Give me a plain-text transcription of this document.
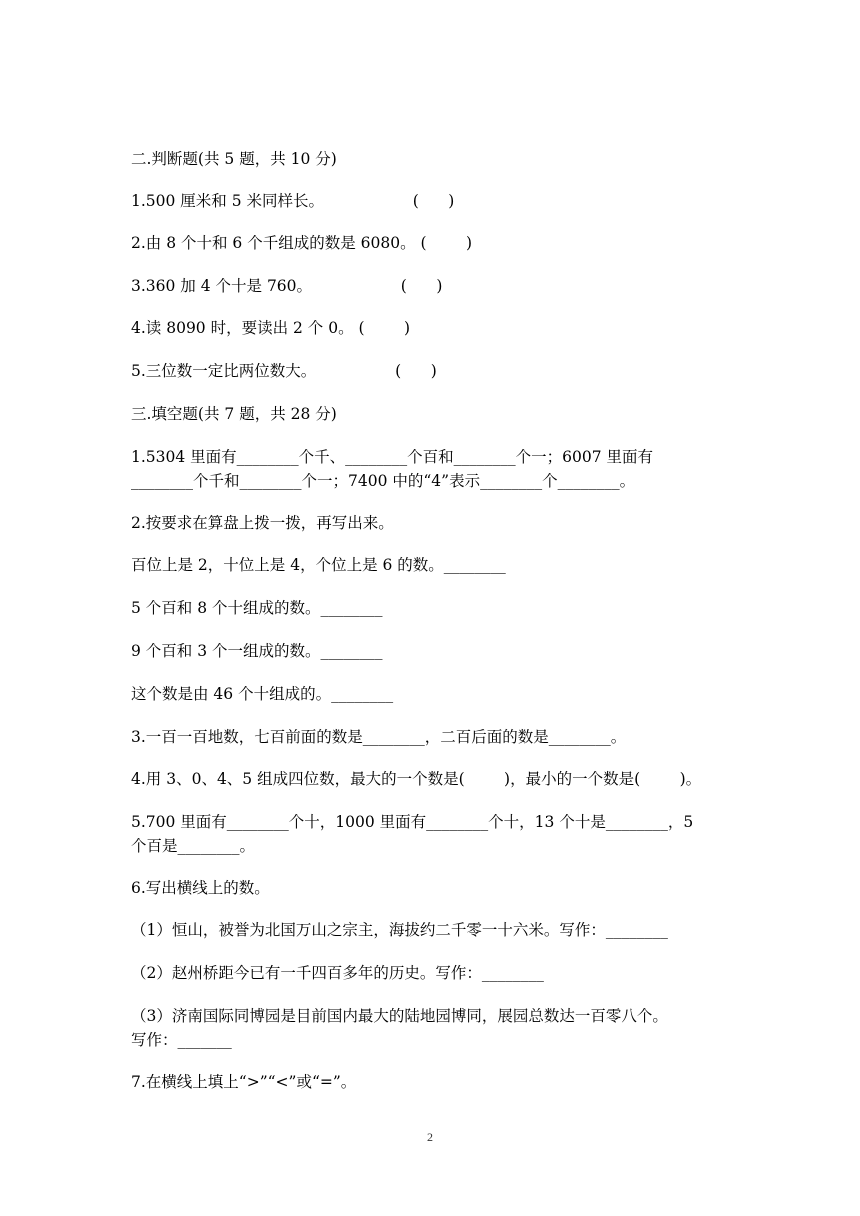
二.判断题(共 5 题，共 10 分)
1.500 厘米和 5 米同样长。                  (      )
2.由 8 个十和 6 个千组成的数是 6080。 (        )
3.360 加 4 个十是 760。                  (      )
4.读 8090 时，要读出 2 个 0。 (        )
5.三位数一定比两位数大。                (      )
三.填空题(共 7 题，共 28 分)
1.5304 里面有________个千、________个百和________个一；6007 里面有
________个千和________个一；7400 中的“4”表示________个________。
2.按要求在算盘上拨一拨，再写出来。
百位上是 2，十位上是 4，个位上是 6 的数。________
5 个百和 8 个十组成的数。________
9 个百和 3 个一组成的数。________
这个数是由 46 个十组成的。________
3.一百一百地数，七百前面的数是________，二百后面的数是________。
4.用 3、0、4、5 组成四位数，最大的一个数是(        )，最小的一个数是(        )。
5.700 里面有________个十，1000 里面有________个十，13 个十是________，5
个百是________。
6.写出横线上的数。
（1）恒山，被誉为北国万山之宗主，海拔约二千零一十六米。写作：________
（2）赵州桥距今已有一千四百多年的历史。写作：________
（3）济南国际同博园是目前国内最大的陆地园博同，展园总数达一百零八个。
写作：_______
7.在横线上填上“>”“<”或“=”。
2
